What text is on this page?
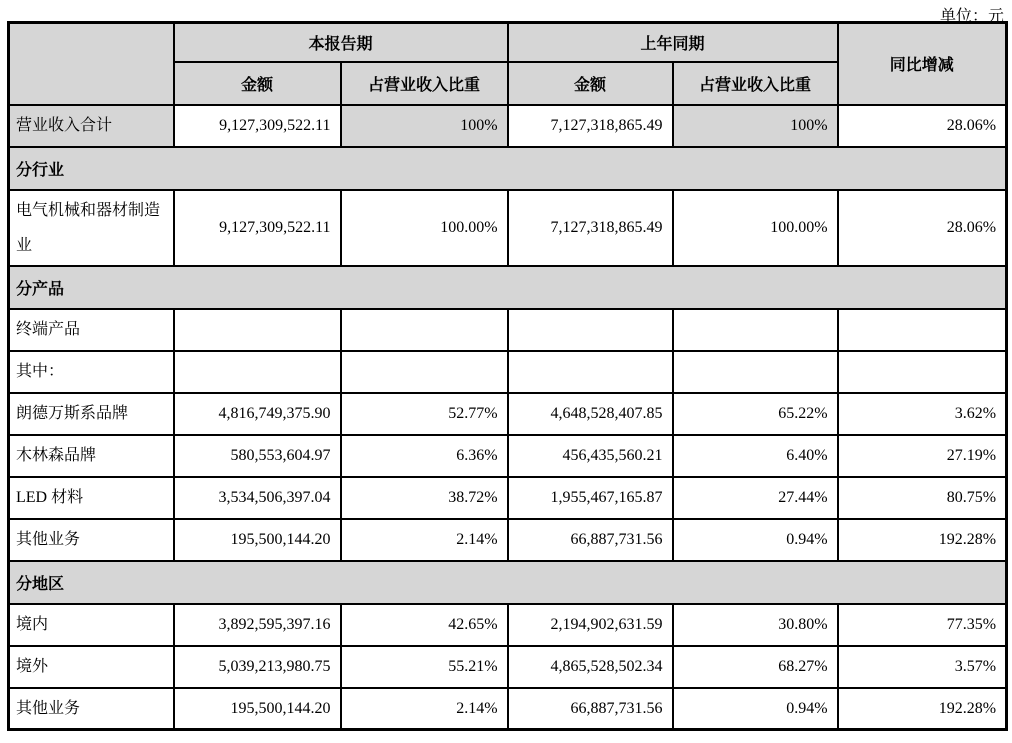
单位：元
	本报告期		上年同期		同比增减
	金额	占营业收入比重	金额	占营业收入比重	
营业收入合计	9,127,309,522.11	100%	7,127,318,865.49	100%	28.06%
分行业					
电气机械和器材制造业	9,127,309,522.11	100.00%	7,127,318,865.49	100.00%	28.06%
分产品					
终端产品					
其中：					
朗德万斯系品牌	4,816,749,375.90	52.77%	4,648,528,407.85	65.22%	3.62%
木林森品牌	580,553,604.97	6.36%	456,435,560.21	6.40%	27.19%
LED 材料	3,534,506,397.04	38.72%	1,955,467,165.87	27.44%	80.75%
其他业务	195,500,144.20	2.14%	66,887,731.56	0.94%	192.28%
分地区					
境内	3,892,595,397.16	42.65%	2,194,902,631.59	30.80%	77.35%
境外	5,039,213,980.75	55.21%	4,865,528,502.34	68.27%	3.57%
其他业务	195,500,144.20	2.14%	66,887,731.56	0.94%	192.28%
